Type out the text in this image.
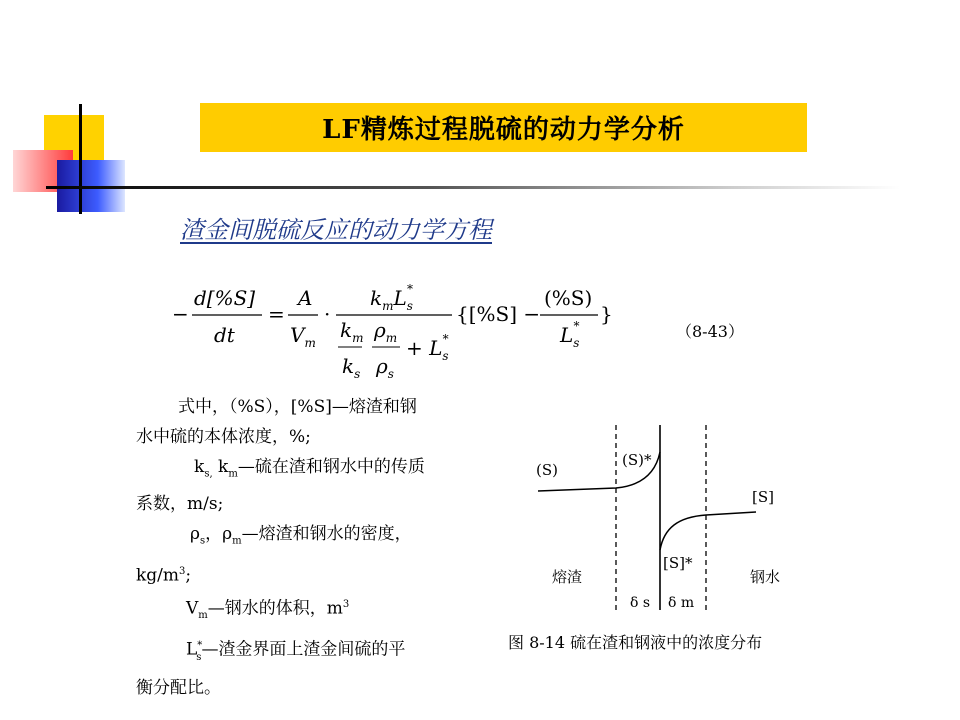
LF精炼过程脱硫的动力学分析
渣金间脱硫反应的动力学方程
−
d[%S]
dt
=
A
$V_m$
·
$k_mL_s*$
$k_m$
$k_s$
$\rho_m$
$\rho_s$
+ $L_s*$
{[%S] −
(%S)
$L_s*$ }
（8-43）
式中，（%S），[%S]—熔渣和钢
水中硫的本体浓度，%;
$k_{s,}$ $k_m—$硫在渣和钢水中的传质
系数，m/s;
$\rho_s$，$\rho_m—$熔渣和钢水的密度，
$kg/m^3$;
$V_m—$钢水的体积，$m^3$
$L^*_s—$渣金界面上渣金间硫的平
衡分配比。
(S)
(S)*
[S]
[S]*
熔渣	钢水
δ s δ m
图 8-14 硫在渣和钢液中的浓度分布
